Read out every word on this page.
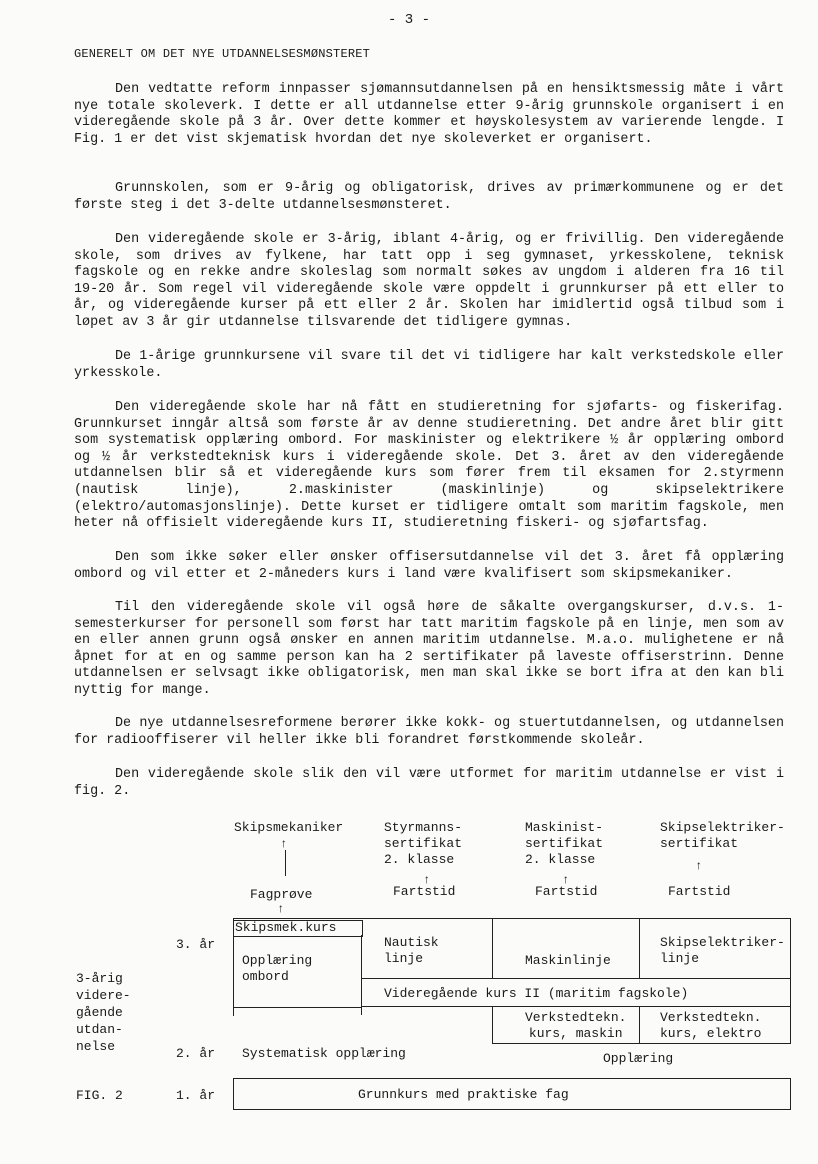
- 3 -
GENERELT OM DET NYE UTDANNELSESMØNSTERET

Den vedtatte reform innpasser sjømannsutdannelsen på en hensiktsmessig måte i vårt nye totale skoleverk. I dette er all utdannelse etter 9-årig grunnskole organisert i en videregående skole på 3 år. Over dette kommer et høyskolesystem av varierende lengde. I Fig. 1 er det vist skjematisk hvordan det nye skoleverket er organisert.

Grunnskolen, som er 9-årig og obligatorisk, drives av primærkommunene og er det første steg i det 3-delte utdannelsesmønsteret.

Den videregående skole er 3-årig, iblant 4-årig, og er frivillig. Den videregående skole, som drives av fylkene, har tatt opp i seg gymnaset, yrkesskolene, teknisk fagskole og en rekke andre skoleslag som normalt søkes av ungdom i alderen fra 16 til 19-20 år. Som regel vil videregående skole være oppdelt i grunnkurser på ett eller to år, og videregående kurser på ett eller 2 år. Skolen har imidlertid også tilbud som i løpet av 3 år gir utdannelse tilsvarende det tidligere gymnas.

De 1-årige grunnkursene vil svare til det vi tidligere har kalt verkstedskole eller yrkesskole.

Den videregående skole har nå fått en studieretning for sjøfarts- og fiskerifag. Grunnkurset inngår altså som første år av denne studieretning. Det andre året blir gitt som systematisk opplæring ombord. For maskinister og elektrikere ½ år opplæring ombord og ½ år verkstedteknisk kurs i videregående skole. Det 3. året av den videregående utdannelsen blir så et videregående kurs som fører frem til eksamen for 2.styrmenn (nautisk linje), 2.maskinister (maskinlinje) og skipselektrikere (elektro/automasjonslinje). Dette kurset er tidligere omtalt som maritim fagskole, men heter nå offisielt videregående kurs II, studieretning fiskeri- og sjøfartsfag.

Den som ikke søker eller ønsker offisersutdannelse vil det 3. året få opplæring ombord og vil etter et 2-måneders kurs i land være kvalifisert som skipsmekaniker.

Til den videregående skole vil også høre de såkalte overgangskurser, d.v.s. 1-semesterkurser for personell som først har tatt maritim fagskole på en linje, men som av en eller annen grunn også ønsker en annen maritim utdannelse. M.a.o. mulighetene er nå åpnet for at en og samme person kan ha 2 sertifikater på laveste offiserstrinn. Denne utdannelsen er selvsagt ikke obligatorisk, men man skal ikke se bort ifra at den kan bli nyttig for mange.

De nye utdannelsesreformene berører ikke kokk- og stuertutdannelsen, og utdannelsen for radiooffiserer vil heller ikke bli forandret førstkommende skoleår.

Den videregående skole slik den vil være utformet for maritim utdannelse er vist i fig. 2.

Skipsmekaniker	Styrmanns-
sertifikat
2. klasse
Maskinist-
sertifikat
2. klasse
Skipselektriker-
sertifikat
↑
↑	↑
↑
Fagprøve	Fartstid	Fartstid	Fartstid
↑
3-årig
videre-
gående
utdan-
nelse
3. år
2. år
1. år
FIG. 2
Skipsmek.kurs
Opplæring
ombord
Nautisk
linje	Maskinlinje
Skipselektriker-
linje
Videregående kurs II (maritim fagskole)
Verkstedtekn.
kurs, maskin
Verkstedtekn.
kurs, elektro
Systematisk opplæring	Opplæring
Grunnkurs med praktiske fag
